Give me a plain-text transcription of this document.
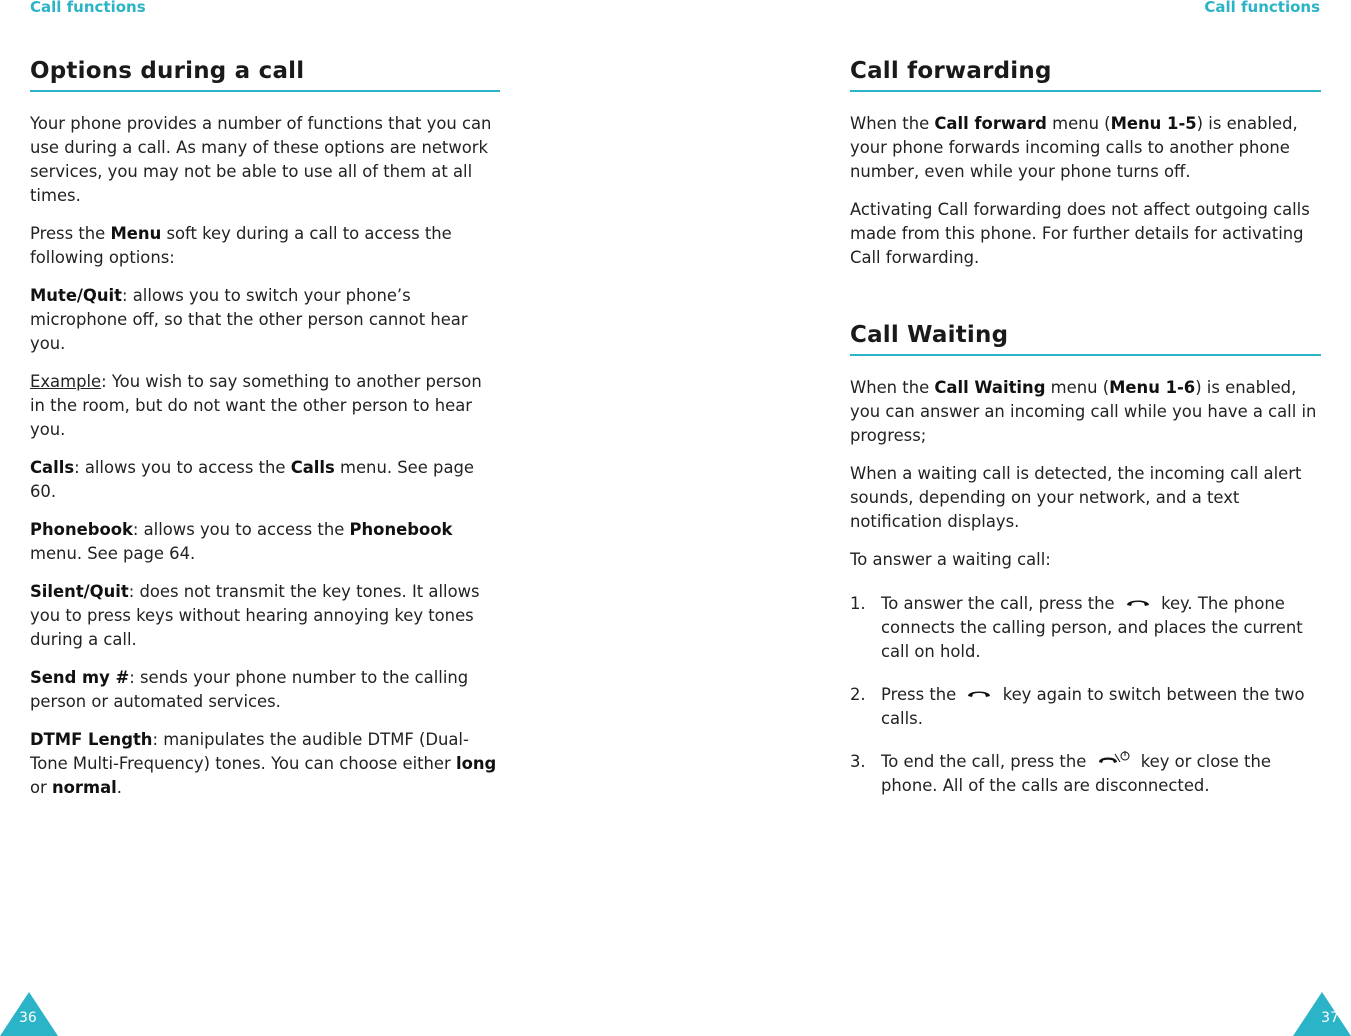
Call functions	Call functions
Options during a call

Your phone provides a number of functions that you can use during a call. As many of these options are network services, you may not be able to use all of them at all times.

Press the Menu soft key during a call to access the following options:

Mute/Quit: allows you to switch your phone’s microphone off, so that the other person cannot hear you.

Example: You wish to say something to another person in the room, but do not want the other person to hear you.

Calls: allows you to access the Calls menu. See page 60.

Phonebook: allows you to access the Phonebook menu. See page 64.

Silent/Quit: does not transmit the key tones. It allows you to press keys without hearing annoying key tones during a call.

Send my #: sends your phone number to the calling person or automated services.

DTMF Length: manipulates the audible DTMF (Dual-Tone Multi-Frequency) tones. You can choose either long or normal.

Call forwarding

When the Call forward menu (Menu 1-5) is enabled, your phone forwards incoming calls to another phone number, even while your phone turns off.

Activating Call forwarding does not affect outgoing calls made from this phone. For further details for activating Call forwarding.

Call Waiting

When the Call Waiting menu (Menu 1-6) is enabled, you can answer an incoming call while you have a call in progress;

When a waiting call is detected, the incoming call alert sounds, depending on your network, and a text notification displays.

To answer a waiting call:

1. To answer the call, press the	key. The phone connects the calling person, and places the current call on hold.
2. Press the	key again to switch between the two calls.
3. To end the call, press the	key or close the phone. All of the calls are disconnected.
36	37
